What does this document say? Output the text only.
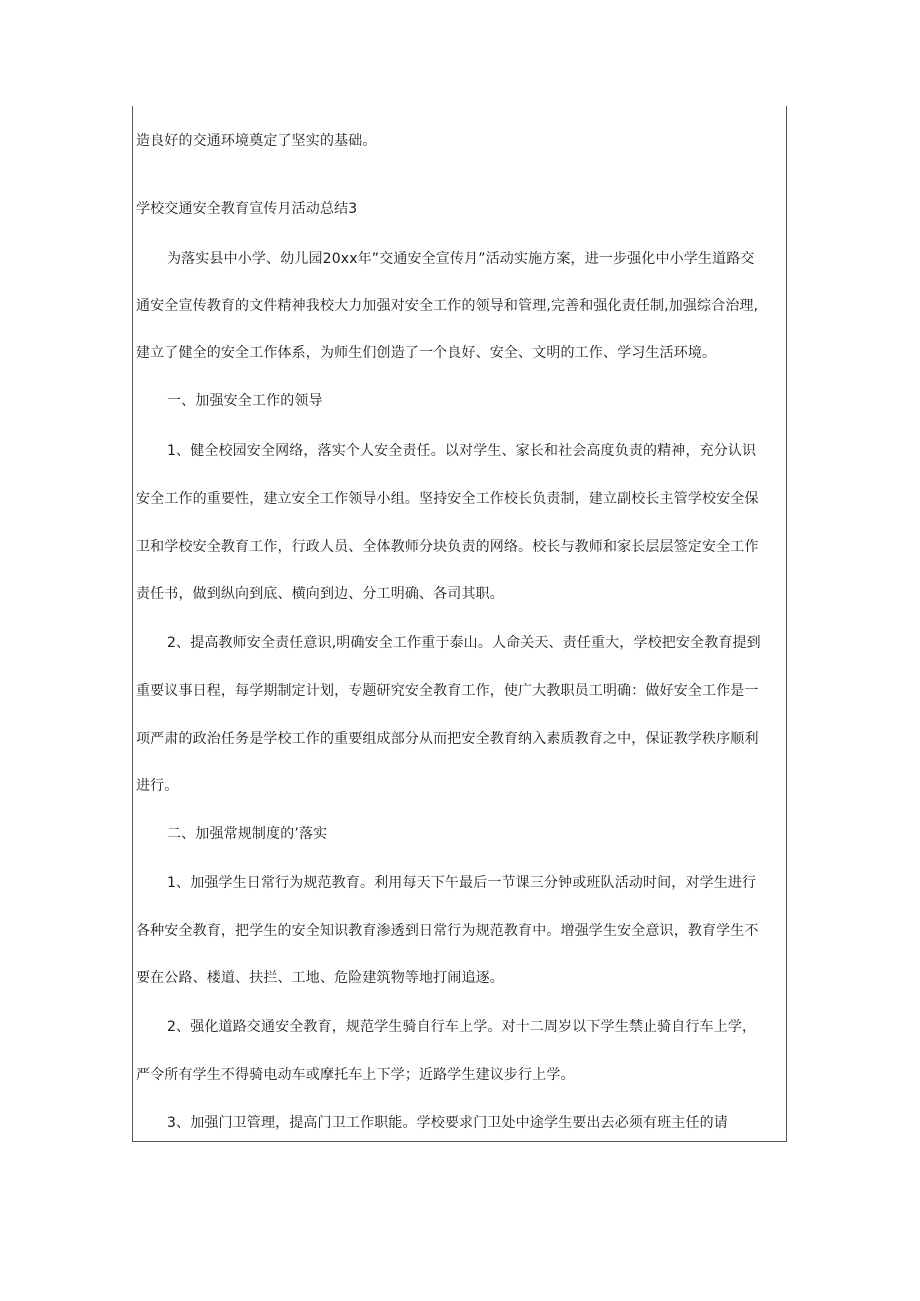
造良好的交通环境奠定了坚实的基础。

学校交通安全教育宣传月活动总结3

为落实县中小学、幼儿园20xx年”交通安全宣传月”活动实施方案，进一步强化中小学生道路交

通安全宣传教育的文件精神我校大力加强对安全工作的领导和管理,完善和强化责任制,加强综合治理,

建立了健全的安全工作体系，为师生们创造了一个良好、安全、文明的工作、学习生活环境。

一、加强安全工作的领导

1、健全校园安全网络，落实个人安全责任。以对学生、家长和社会高度负责的精神，充分认识

安全工作的重要性，建立安全工作领导小组。坚持安全工作校长负责制，建立副校长主管学校安全保

卫和学校安全教育工作，行政人员、全体教师分块负责的网络。校长与教师和家长层层签定安全工作

责任书，做到纵向到底、横向到边、分工明确、各司其职。

2、提高教师安全责任意识,明确安全工作重于泰山。人命关天、责任重大，学校把安全教育提到

重要议事日程，每学期制定计划，专题研究安全教育工作，使广大教职员工明确：做好安全工作是一

项严肃的政治任务是学校工作的重要组成部分从而把安全教育纳入素质教育之中，保证教学秩序顺利

进行。

二、加强常规制度的’落实

1、加强学生日常行为规范教育。利用每天下午最后一节课三分钟或班队活动时间，对学生进行

各种安全教育，把学生的安全知识教育渗透到日常行为规范教育中。增强学生安全意识，教育学生不

要在公路、楼道、扶拦、工地、危险建筑物等地打闹追逐。

2、强化道路交通安全教育，规范学生骑自行车上学。对十二周岁以下学生禁止骑自行车上学，

严令所有学生不得骑电动车或摩托车上下学；近路学生建议步行上学。

3、加强门卫管理，提高门卫工作职能。学校要求门卫处中途学生要出去必须有班主任的请
